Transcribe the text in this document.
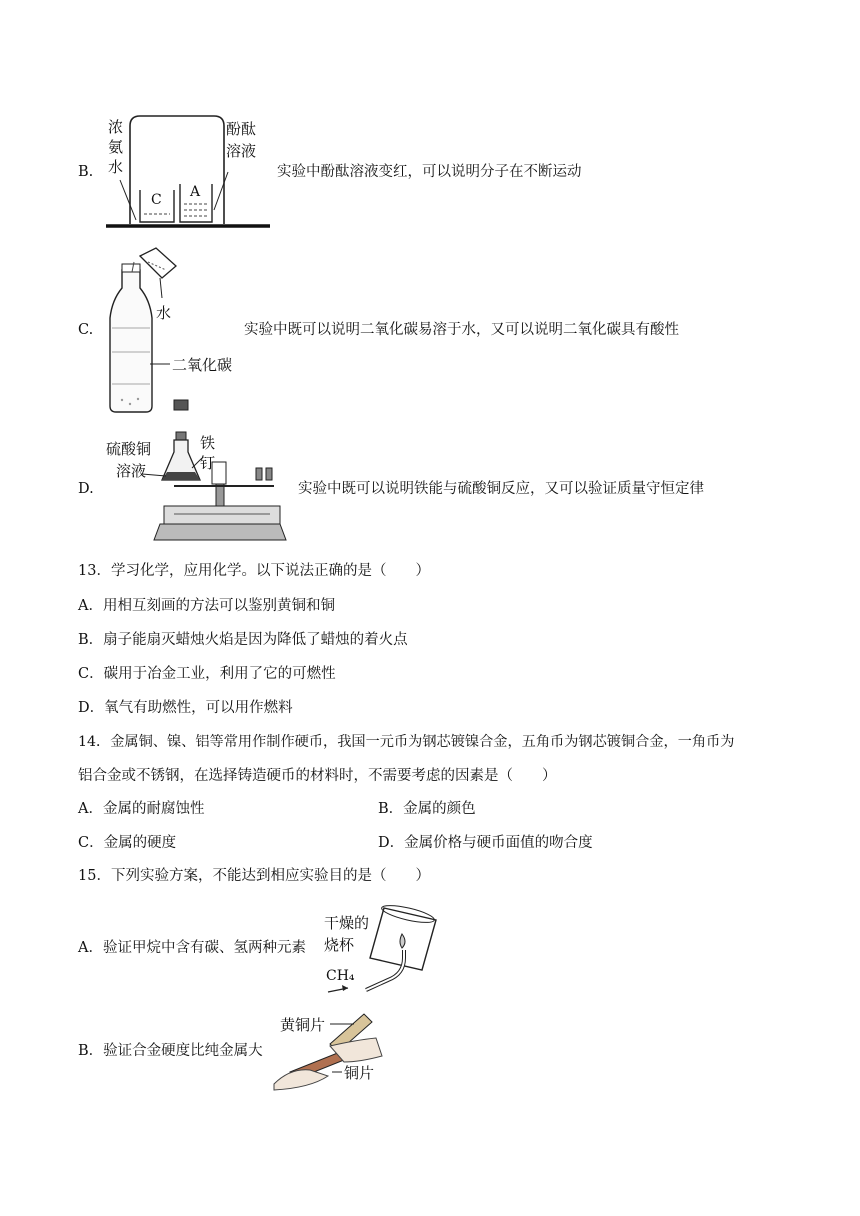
B.
浓
氨
水
酚酞
溶液
C A
实验中酚酞溶液变红，可以说明分子在不断运动
C.
水
二氧化碳
实验中既可以说明二氧化碳易溶于水，又可以说明二氧化碳具有酸性
D.
硫酸铜
溶液
铁
钉
实验中既可以说明铁能与硫酸铜反应，又可以验证质量守恒定律
13．学习化学，应用化学。以下说法正确的是（　　）
A．用相互刻画的方法可以鉴别黄铜和铜
B．扇子能扇灭蜡烛火焰是因为降低了蜡烛的着火点
C．碳用于冶金工业，利用了它的可燃性
D．氧气有助燃性，可以用作燃料
14．金属铜、镍、铝等常用作制作硬币，我国一元币为钢芯镀镍合金，五角币为钢芯镀铜合金，一角币为
铝合金或不锈钢，在选择铸造硬币的材料时，不需要考虑的因素是（　　）
A．金属的耐腐蚀性	B．金属的颜色
C．金属的硬度	D．金属价格与硬币面值的吻合度
15．下列实验方案，不能达到相应实验目的是（　　）
A．验证甲烷中含有碳、氢两种元素
干燥的
烧杯
CH₄
B．验证合金硬度比纯金属大
黄铜片
铜片
